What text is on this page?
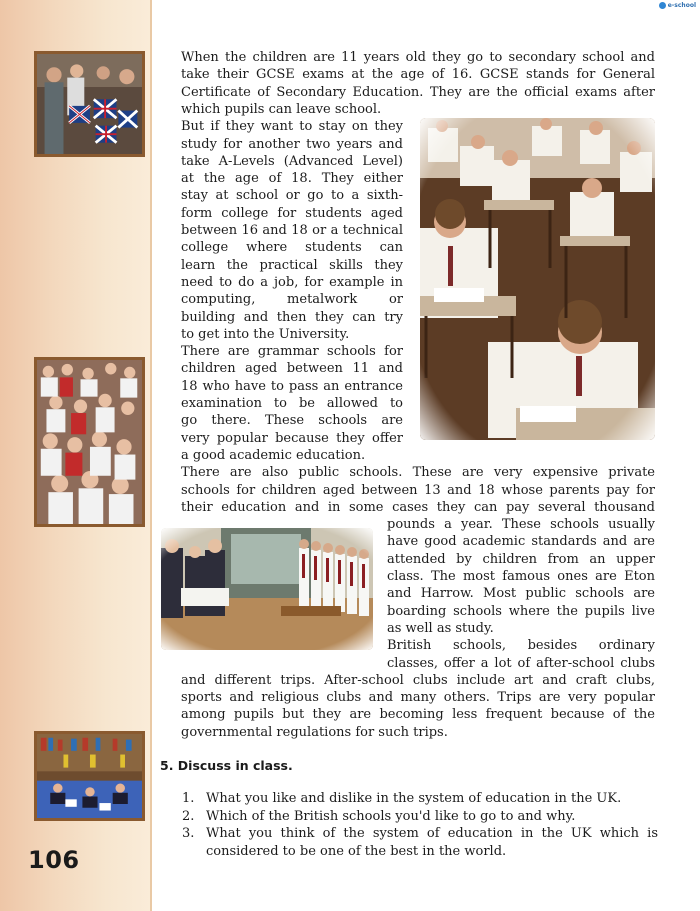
e-school
When the children are 11 years old they go to secondary school and
take their GCSE exams at the age of 16. GCSE stands for General
Certificate of Secondary Education. They are the official exams after
which pupils can leave school.
But if they want to stay on they
study for another two years and
take A-Levels (Advanced Level)
at the age of 18. They either
stay at school or go to a sixth-
form college for students aged
between 16 and 18 or a technical
college where students can
learn the practical skills they
need to do a job, for example in
computing, metalwork or
building and then they can try
to get into the University.
There are grammar schools for
children aged between 11 and
18 who have to pass an entrance
examination to be allowed to
go there. These schools are
very popular because they offer
a good academic education.
There are also public schools. These are very expensive private
schools for children aged between 13 and 18 whose parents pay for
their education and in some cases they can pay several thousand
pounds a year. These schools usually
have good academic standards and are
attended by children from an upper
class. The most famous ones are Eton
and Harrow. Most public schools are
boarding schools where the pupils live
as well as study.
British schools, besides ordinary
classes, offer a lot of after-school clubs
and different trips. After-school clubs include art and craft clubs,
sports and religious clubs and many others. Trips are very popular
among pupils but they are becoming less frequent because of the
governmental regulations for such trips.
5. Discuss in class.
1. What you like and dislike in the system of education in the UK.
2. Which of the British schools you'd like to go to and why.
3. What you think of the system of education in the UK which is considered to be one of the best in the world.
106
